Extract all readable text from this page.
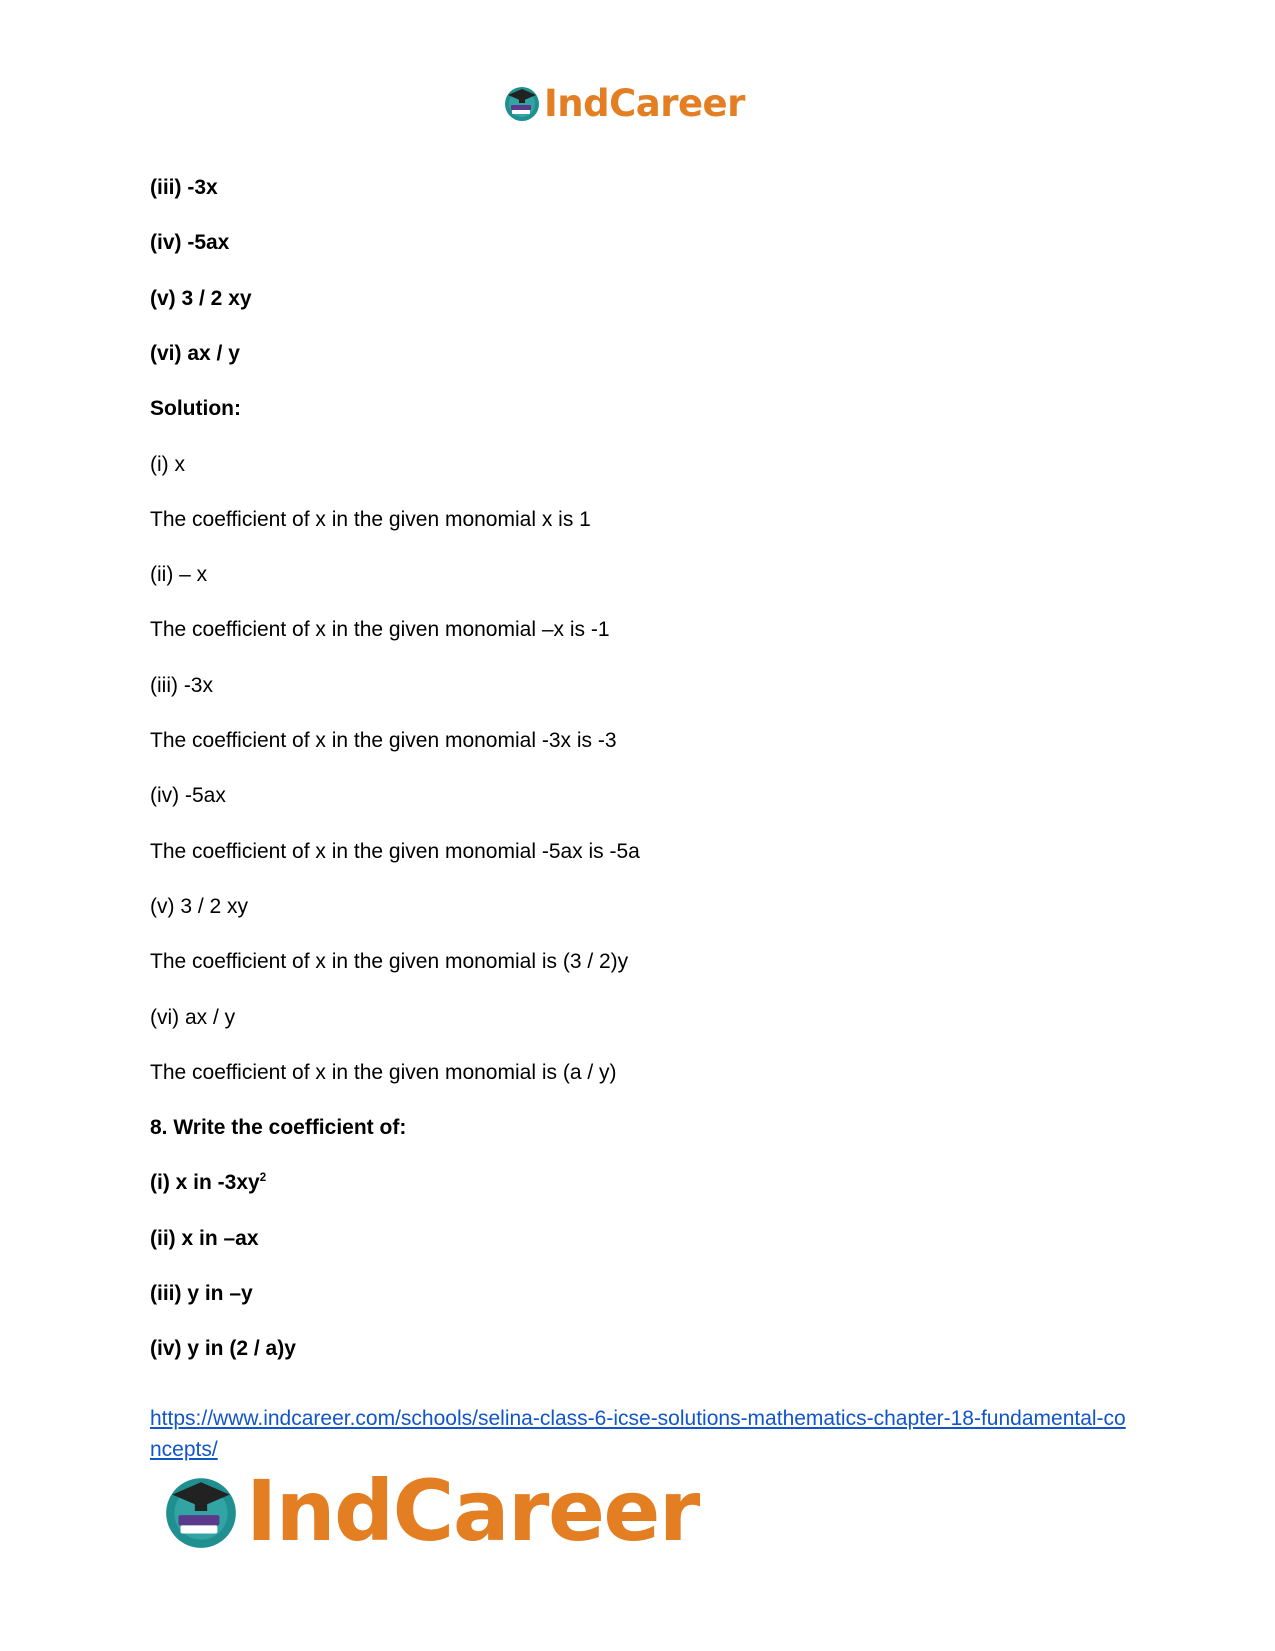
IndCareer
(iii) -3x
(iv) -5ax
(v) 3 / 2 xy
(vi) ax / y
Solution:
(i) x
The coefficient of x in the given monomial x is 1
(ii) – x
The coefficient of x in the given monomial –x is -1
(iii) -3x
The coefficient of x in the given monomial -3x is -3
(iv) -5ax
The coefficient of x in the given monomial -5ax is -5a
(v) 3 / 2 xy
The coefficient of x in the given monomial is (3 / 2)y
(vi) ax / y
The coefficient of x in the given monomial is (a / y)
8. Write the coefficient of:
(i) x in $-3xy^2$
(ii) x in –ax
(iii) y in –y
(iv) y in (2 / a)y
https://www.indcareer.com/schools/selina-class-6-icse-solutions-mathematics-chapter-18-fundamental-concepts/
IndCareer
